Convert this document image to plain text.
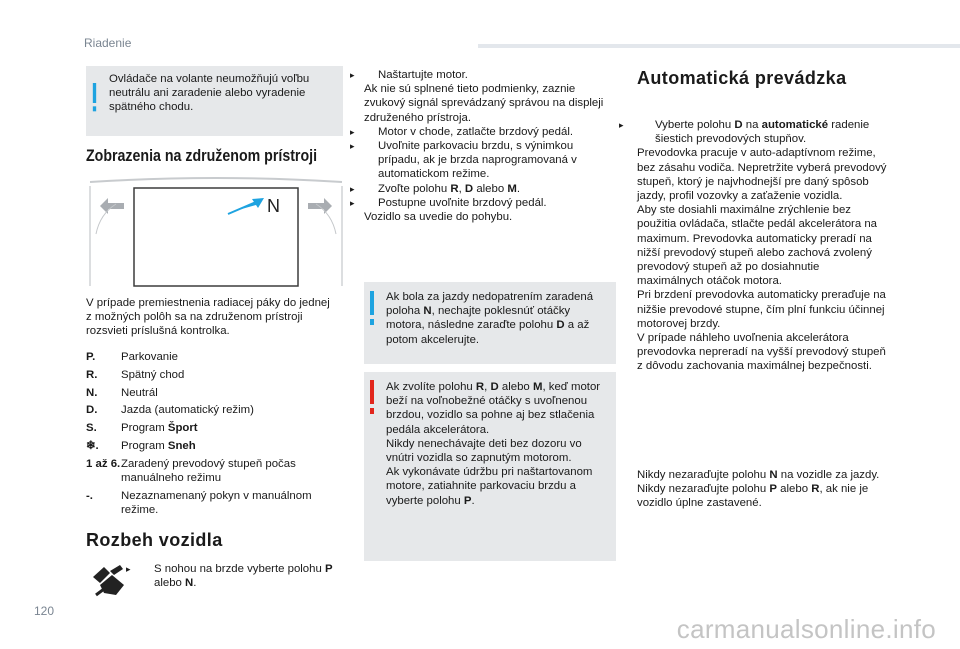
Riadenie
Ovládače na volante neumožňujú voľbu neutrálu ani zaradenie alebo vyradenie spätného chodu.
Zobrazenia na združenom prístroji
N
V prípade premiestnenia radiacej páky do jednej z možných polôh sa na združenom prístroji rozsvieti príslušná kontrolka.
P.	Parkovanie
R.	Spätný chod
N.	Neutrál
D.	Jazda (automatický režim)
S.	Program Šport
❄.	Program Sneh
1 až 6. Zaradený prevodový stupeň počas manuálneho režimu
-.	Nezaznamenaný pokyn v manuálnom režime.
Rozbeh vozidla
▸ S nohou na brzde vyberte polohu P alebo N.
▸ Naštartujte motor.
Ak nie sú splnené tieto podmienky, zaznie zvukový signál sprevádzaný správou na displeji združeného prístroja.
▸ Motor v chode, zatlačte brzdový pedál.
▸ Uvoľnite parkovaciu brzdu, s výnimkou prípadu, ak je brzda naprogramovaná v automatickom režime.
▸ Zvoľte polohu R, D alebo M.
▸ Postupne uvoľnite brzdový pedál.
Vozidlo sa uvedie do pohybu.
Ak bola za jazdy nedopatrením zaradená poloha N, nechajte poklesnúť otáčky motora, následne zaraďte polohu D a až potom akcelerujte.
Ak zvolíte polohu R, D alebo M, keď motor beží na voľnobežné otáčky s uvoľnenou brzdou, vozidlo sa pohne aj bez stlačenia pedála akcelerátora.
Nikdy nenechávajte deti bez dozoru vo vnútri vozidla so zapnutým motorom.
Ak vykonávate údržbu pri naštartovanom motore, zatiahnite parkovaciu brzdu a vyberte polohu P.
Automatická prevádzka
▸	Vyberte polohu D na automatické radenie šiestich prevodových stupňov.
Prevodovka pracuje v auto-adaptívnom režime, bez zásahu vodiča. Nepretržite vyberá prevodový stupeň, ktorý je najvhodnejší pre daný spôsob jazdy, profil vozovky a zaťaženie vozidla.
Aby ste dosiahli maximálne zrýchlenie bez použitia ovládača, stlačte pedál akcelerátora na maximum. Prevodovka automaticky preradí na nižší prevodový stupeň alebo zachová zvolený prevodový stupeň až po dosiahnutie maximálnych otáčok motora.
Pri brzdení prevodovka automaticky preraďuje na nižšie prevodové stupne, čím plní funkciu účinnej motorovej brzdy.
V prípade náhleho uvoľnenia akcelerátora prevodovka nepreradí na vyšší prevodový stupeň z dôvodu zachovania maximálnej bezpečnosti.
Nikdy nezaraďujte polohu N na vozidle za jazdy.
Nikdy nezaraďujte polohu P alebo R, ak nie je vozidlo úplne zastavené.
120
carmanualsonline.info
